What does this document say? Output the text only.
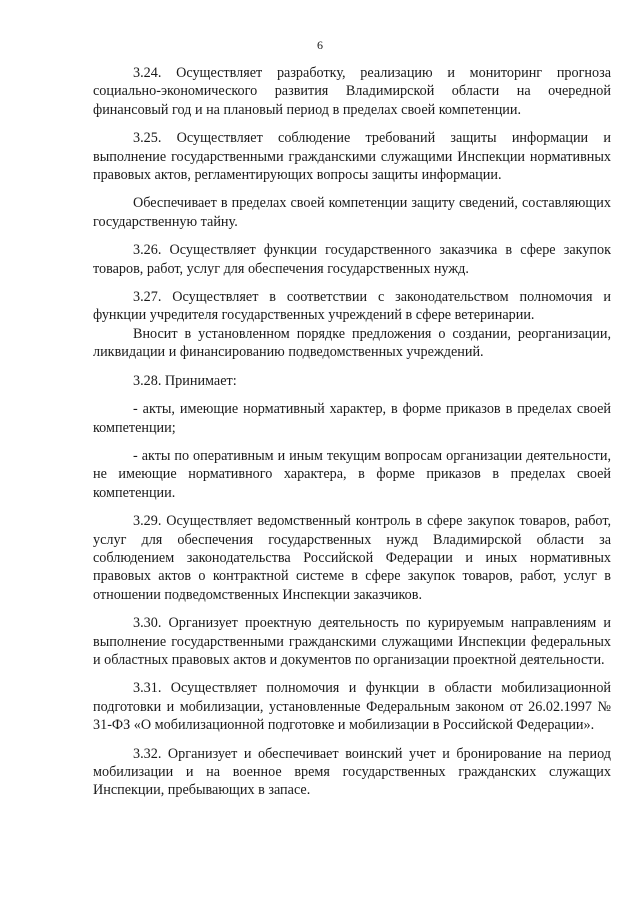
6

3.24. Осуществляет разработку, реализацию и мониторинг прогноза социально-экономического развития Владимирской области на очередной финансовый год и на плановый период в пределах своей компетенции.

3.25. Осуществляет соблюдение требований защиты информации и выполнение государственными гражданскими служащими Инспекции нормативных правовых актов, регламентирующих вопросы защиты информации.

Обеспечивает в пределах своей компетенции защиту сведений, составляющих государственную тайну.

3.26. Осуществляет функции государственного заказчика в сфере закупок товаров, работ, услуг для обеспечения государственных нужд.

3.27. Осуществляет в соответствии с законодательством полномочия и функции учредителя государственных учреждений в сфере ветеринарии.

Вносит в установленном порядке предложения о создании, реорганизации, ликвидации и финансированию подведомственных учреждений.

3.28. Принимает:

- акты, имеющие нормативный характер, в форме приказов в пределах своей компетенции;

- акты по оперативным и иным текущим вопросам организации деятельности, не имеющие нормативного характера, в форме приказов в пределах своей компетенции.

3.29. Осуществляет ведомственный контроль в сфере закупок товаров, работ, услуг для обеспечения государственных нужд Владимирской области за соблюдением законодательства Российской Федерации и иных нормативных правовых актов о контрактной системе в сфере закупок товаров, работ, услуг в отношении подведомственных Инспекции заказчиков.

3.30. Организует проектную деятельность по курируемым направлениям и выполнение государственными гражданскими служащими Инспекции федеральных и областных правовых актов и документов по организации проектной деятельности.

3.31. Осуществляет полномочия и функции в области мобилизационной подготовки и мобилизации, установленные Федеральным законом от 26.02.1997 № 31-ФЗ «О мобилизационной подготовке и мобилизации в Российской Федерации».

3.32. Организует и обеспечивает воинский учет и бронирование на период мобилизации и на военное время государственных гражданских служащих Инспекции, пребывающих в запасе.
